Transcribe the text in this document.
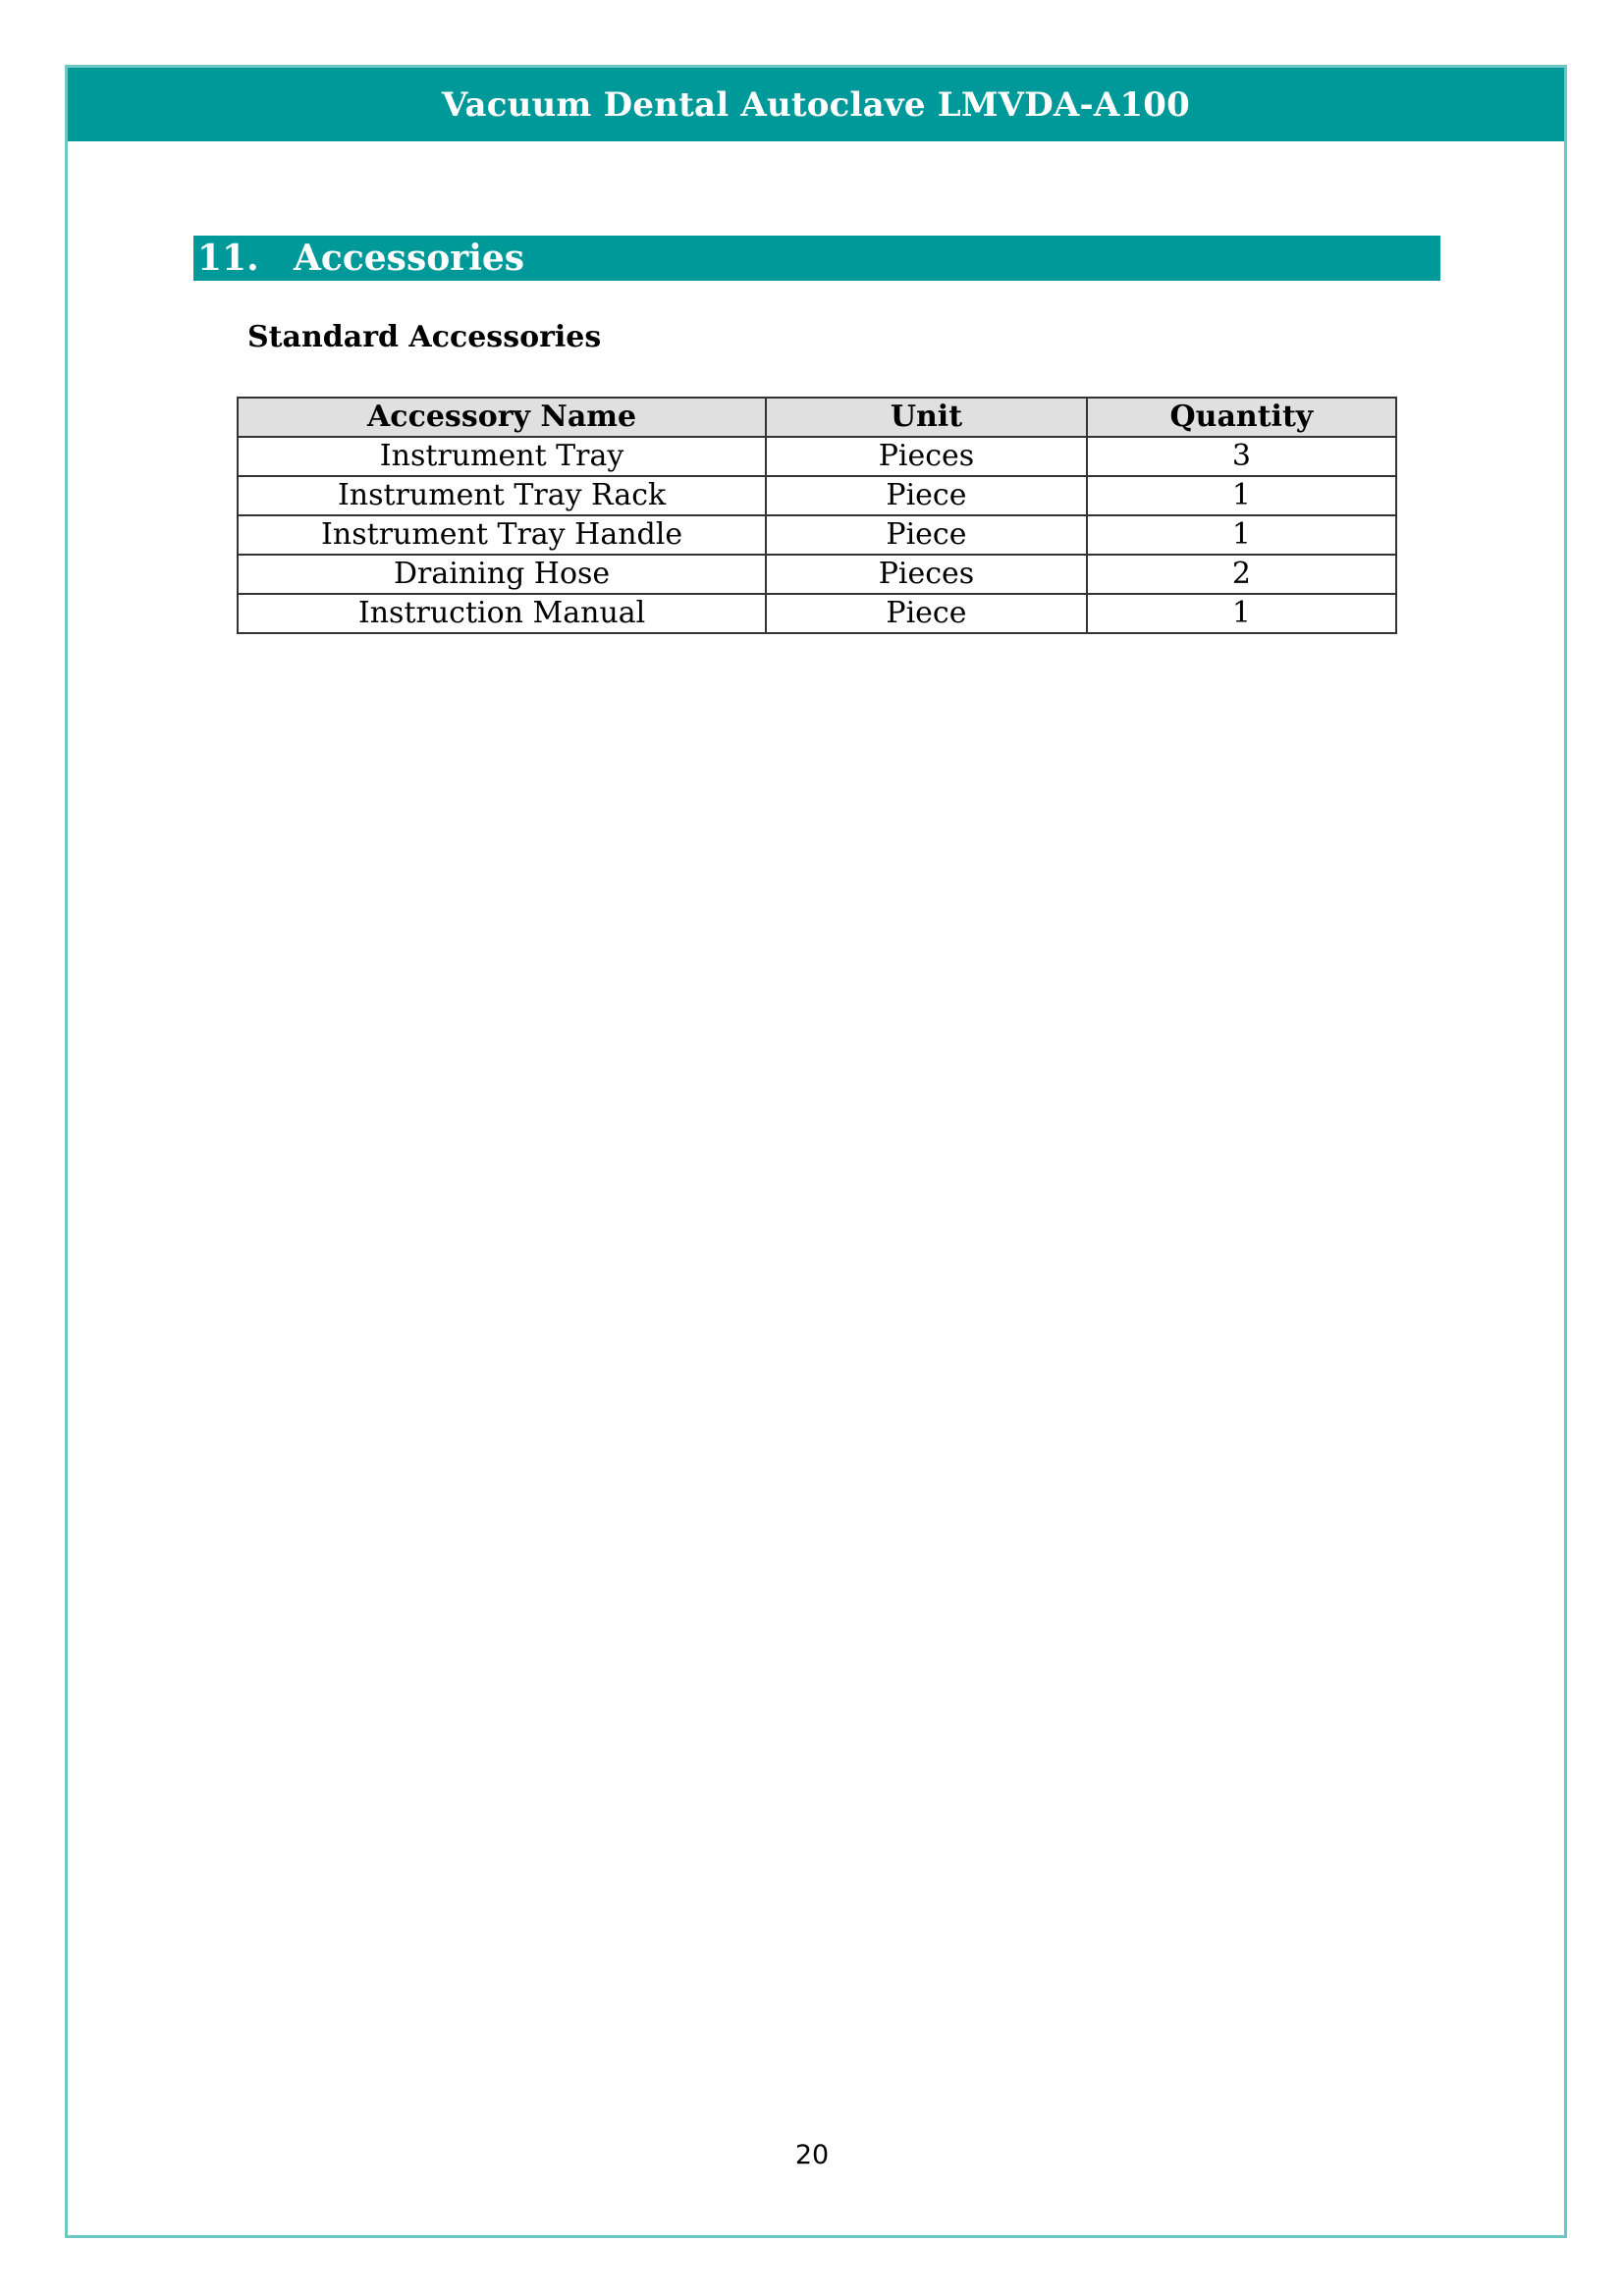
Vacuum Dental Autoclave LMVDA-A100
11. Accessories
Standard Accessories
Accessory Name	Unit	Quantity
Instrument Tray	Pieces	3
Instrument Tray Rack	Piece	1
Instrument Tray Handle	Piece	1
Draining Hose	Pieces	2
Instruction Manual	Piece	1
20
